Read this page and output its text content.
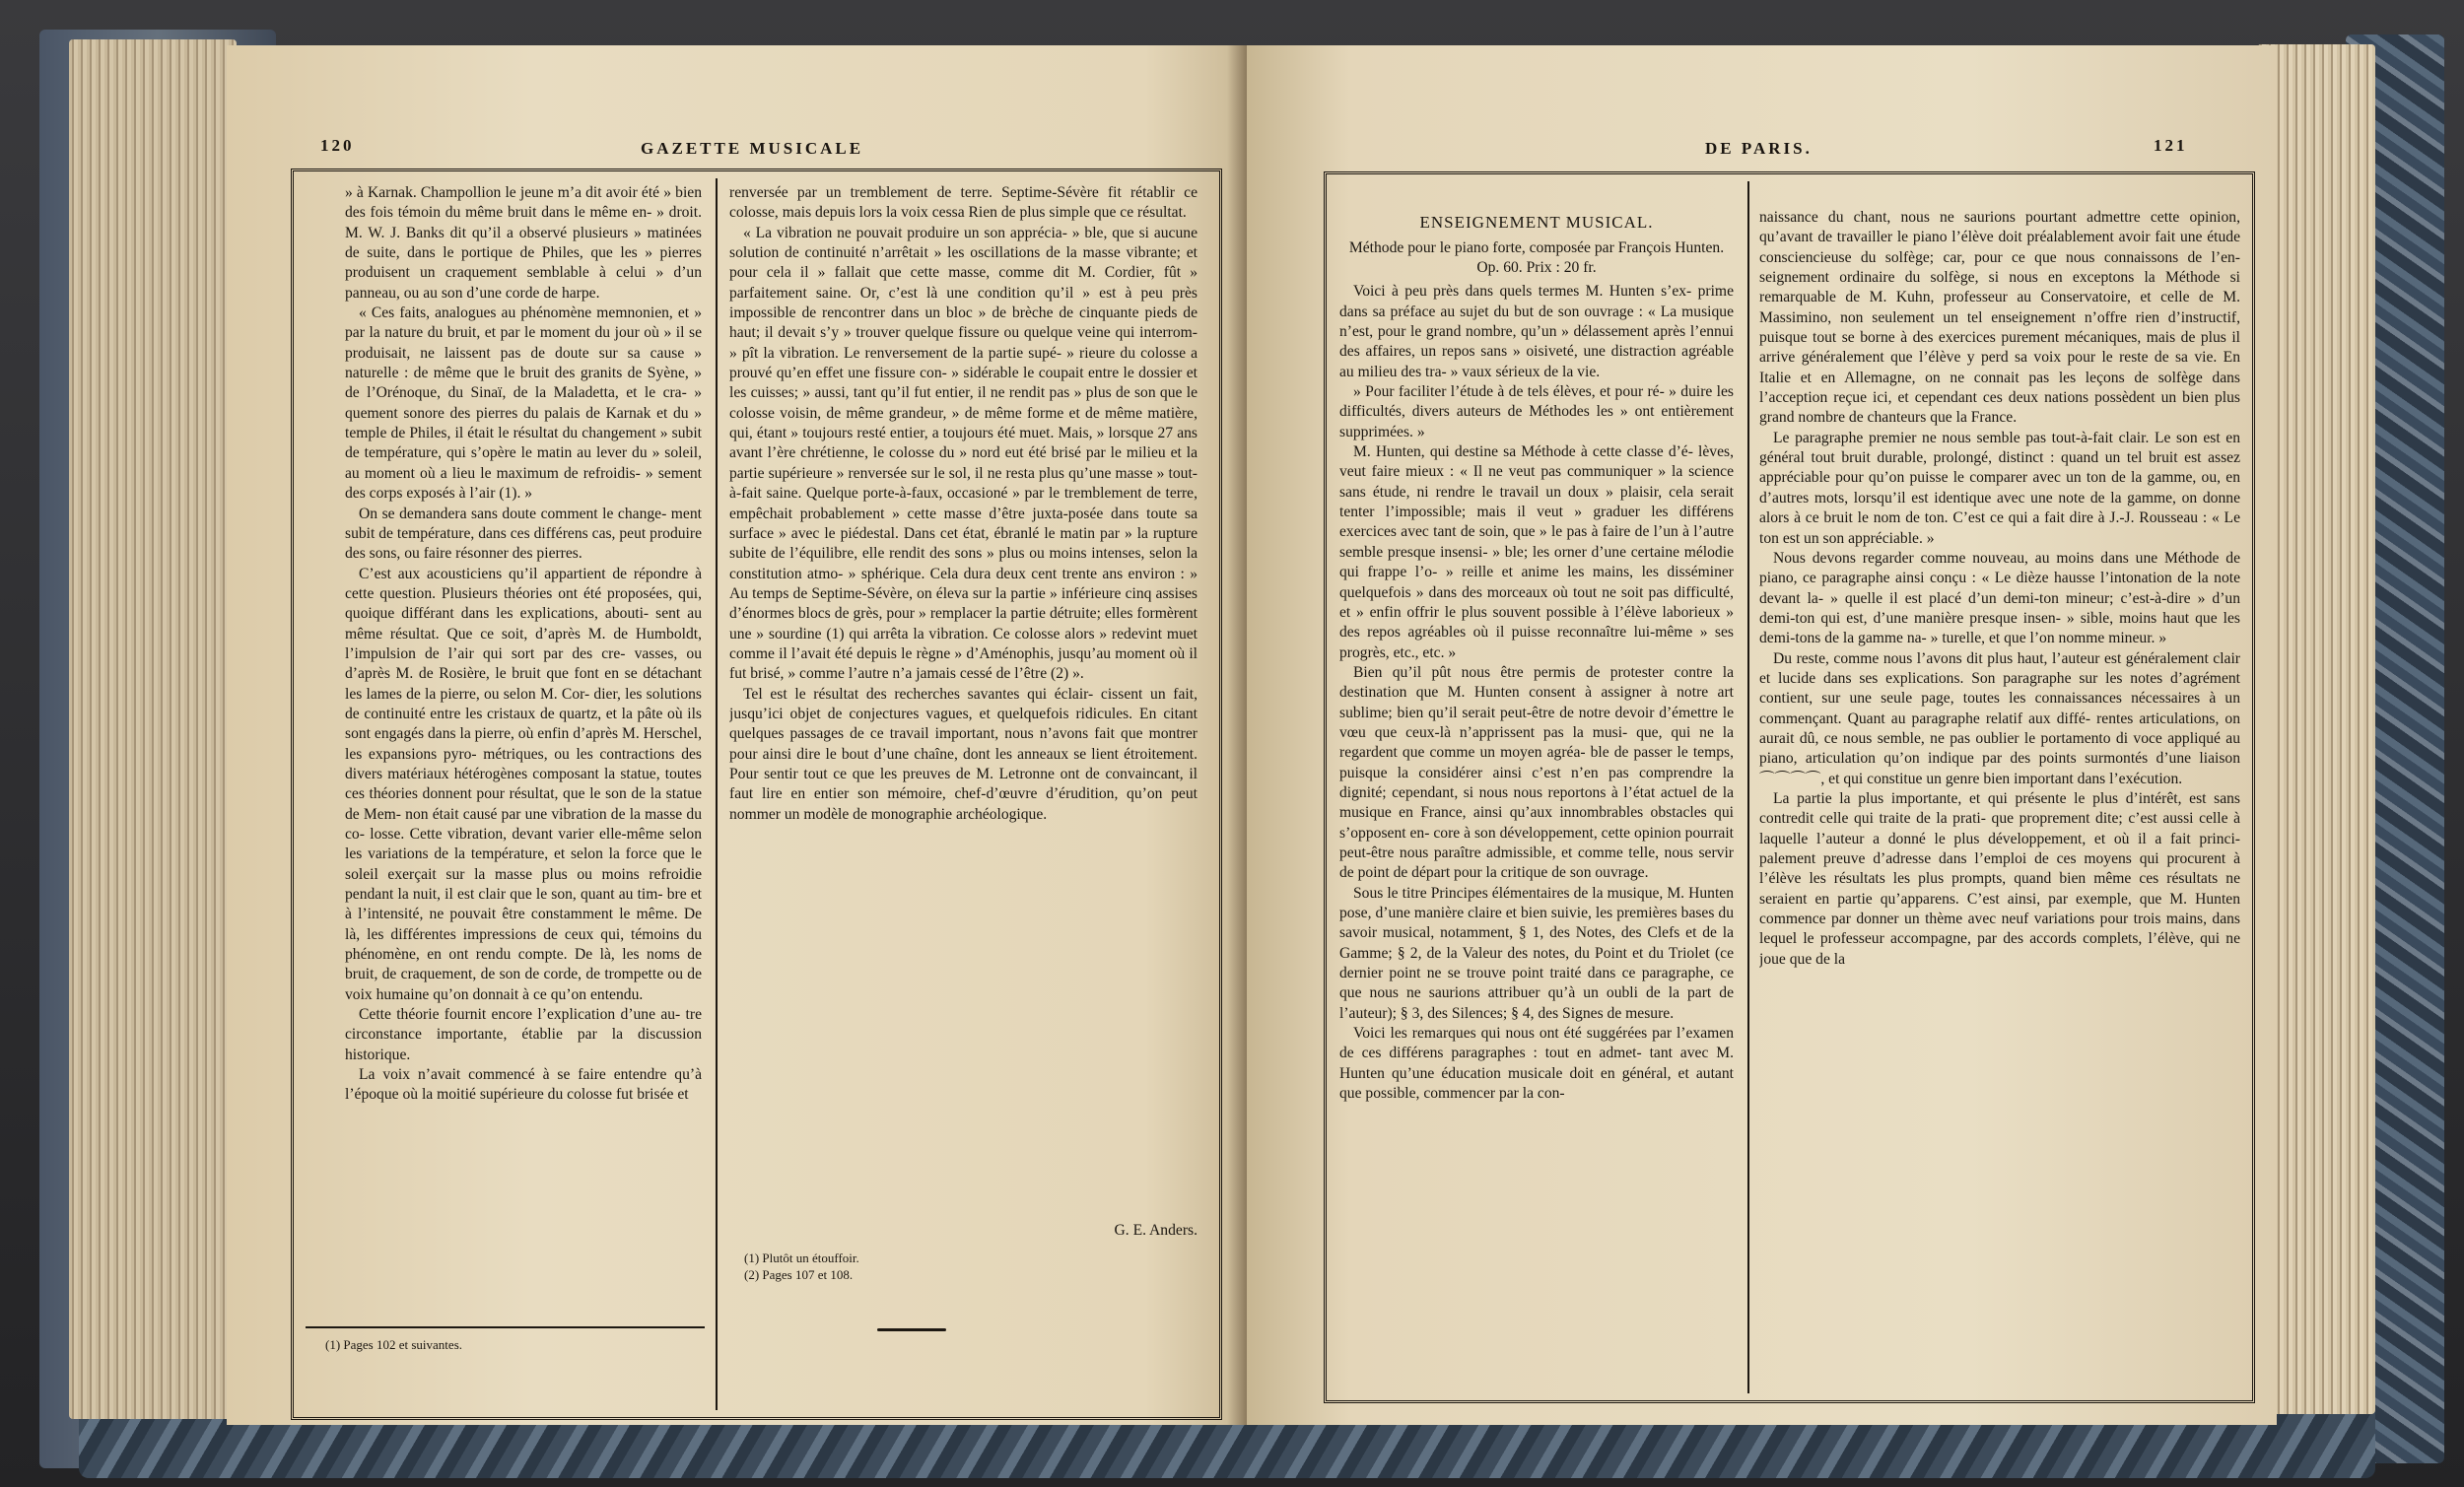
120	GAZETTE MUSICALE

» à Karnak. Champollion le jeune m’a dit avoir été » bien des fois témoin du même bruit dans le même en- » droit. M. W. J. Banks dit qu’il a observé plusieurs » matinées de suite, dans le portique de Philes, que les » pierres produisent un craquement semblable à celui » d’un panneau, ou au son d’une corde de harpe.

« Ces faits, analogues au phénomène memnonien, et » par la nature du bruit, et par le moment du jour où » il se produisait, ne laissent pas de doute sur sa cause » naturelle : de même que le bruit des granits de Syène, » de l’Orénoque, du Sinaï, de la Maladetta, et le cra- » quement sonore des pierres du palais de Karnak et du » temple de Philes, il était le résultat du changement » subit de température, qui s’opère le matin au lever du » soleil, au moment où a lieu le maximum de refroidis- » sement des corps exposés à l’air (1). »

On se demandera sans doute comment le change- ment subit de température, dans ces différens cas, peut produire des sons, ou faire résonner des pierres.

C’est aux acousticiens qu’il appartient de répondre à cette question. Plusieurs théories ont été proposées, qui, quoique différant dans les explications, abouti- sent au même résultat. Que ce soit, d’après M. de Humboldt, l’impulsion de l’air qui sort par des cre- vasses, ou d’après M. de Rosière, le bruit que font en se détachant les lames de la pierre, ou selon M. Cor- dier, les solutions de continuité entre les cristaux de quartz, et la pâte où ils sont engagés dans la pierre, où enfin d’après M. Herschel, les expansions pyro- métriques, ou les contractions des divers matériaux hétérogènes composant la statue, toutes ces théories donnent pour résultat, que le son de la statue de Mem- non était causé par une vibration de la masse du co- losse. Cette vibration, devant varier elle-même selon les variations de la température, et selon la force que le soleil exerçait sur la masse plus ou moins refroidie pendant la nuit, il est clair que le son, quant au tim- bre et à l’intensité, ne pouvait être constamment le même. De là, les différentes impressions de ceux qui, témoins du phénomène, en ont rendu compte. De là, les noms de bruit, de craquement, de son de corde, de trompette ou de voix humaine qu’on donnait à ce qu’on entendu.

Cette théorie fournit encore l’explication d’une au- tre circonstance importante, établie par la discussion historique.

La voix n’avait commencé à se faire entendre qu’à l’époque où la moitié supérieure du colosse fut brisée et

(1) Pages 102 et suivantes.

renversée par un tremblement de terre. Septime-Sévère fit rétablir ce colosse, mais depuis lors la voix cessa Rien de plus simple que ce résultat.

« La vibration ne pouvait produire un son apprécia- » ble, que si aucune solution de continuité n’arrêtait » les oscillations de la masse vibrante; et pour cela il » fallait que cette masse, comme dit M. Cordier, fût » parfaitement saine. Or, c’est là une condition qu’il » est à peu près impossible de rencontrer dans un bloc » de brèche de cinquante pieds de haut; il devait s’y » trouver quelque fissure ou quelque veine qui interrom- » pît la vibration. Le renversement de la partie supé- » rieure du colosse a prouvé qu’en effet une fissure con- » sidérable le coupait entre le dossier et les cuisses; » aussi, tant qu’il fut entier, il ne rendit pas » plus de son que le colosse voisin, de même grandeur, » de même forme et de même matière, qui, étant » toujours resté entier, a toujours été muet. Mais, » lorsque 27 ans avant l’ère chrétienne, le colosse du » nord eut été brisé par le milieu et la partie supérieure » renversée sur le sol, il ne resta plus qu’une masse » tout-à-fait saine. Quelque porte-à-faux, occasioné » par le tremblement de terre, empêchait probablement » cette masse d’être juxta-posée dans toute sa surface » avec le piédestal. Dans cet état, ébranlé le matin par » la rupture subite de l’équilibre, elle rendit des sons » plus ou moins intenses, selon la constitution atmo- » sphérique. Cela dura deux cent trente ans environ : » Au temps de Septime-Sévère, on éleva sur la partie » inférieure cinq assises d’énormes blocs de grès, pour » remplacer la partie détruite; elles formèrent une » sourdine (1) qui arrêta la vibration. Ce colosse alors » redevint muet comme il l’avait été depuis le règne » d’Aménophis, jusqu’au moment où il fut brisé, » comme l’autre n’a jamais cessé de l’être (2) ».

Tel est le résultat des recherches savantes qui éclair- cissent un fait, jusqu’ici objet de conjectures vagues, et quelquefois ridicules. En citant quelques passages de ce travail important, nous n’avons fait que montrer pour ainsi dire le bout d’une chaîne, dont les anneaux se lient étroitement. Pour sentir tout ce que les preuves de M. Letronne ont de convaincant, il faut lire en entier son mémoire, chef-d’œuvre d’érudition, qu’on peut nommer un modèle de monographie archéologique.

G. E. Anders.
(1) Plutôt un étouffoir.
(2) Pages 107 et 108.
DE PARIS.	121
ENSEIGNEMENT MUSICAL.
Méthode pour le piano forte, composée par François Hunten. Op. 60. Prix : 20 fr.

Voici à peu près dans quels termes M. Hunten s’ex- prime dans sa préface au sujet du but de son ouvrage : « La musique n’est, pour le grand nombre, qu’un » délassement après l’ennui des affaires, un repos sans » oisiveté, une distraction agréable au milieu des tra- » vaux sérieux de la vie.

» Pour faciliter l’étude à de tels élèves, et pour ré- » duire les difficultés, divers auteurs de Méthodes les » ont entièrement supprimées. »

M. Hunten, qui destine sa Méthode à cette classe d’é- lèves, veut faire mieux : « Il ne veut pas communiquer » la science sans étude, ni rendre le travail un doux » plaisir, cela serait tenter l’impossible; mais il veut » graduer les différens exercices avec tant de soin, que » le pas à faire de l’un à l’autre semble presque insensi- » ble; les orner d’une certaine mélodie qui frappe l’o- » reille et anime les mains, les disséminer quelquefois » dans des morceaux où tout ne soit pas difficulté, et » enfin offrir le plus souvent possible à l’élève laborieux » des repos agréables où il puisse reconnaître lui-même » ses progrès, etc., etc. »

Bien qu’il pût nous être permis de protester contre la destination que M. Hunten consent à assigner à notre art sublime; bien qu’il serait peut-être de notre devoir d’émettre le vœu que ceux-là n’apprissent pas la musi- que, qui ne la regardent que comme un moyen agréa- ble de passer le temps, puisque la considérer ainsi c’est n’en pas comprendre la dignité; cependant, si nous nous reportons à l’état actuel de la musique en France, ainsi qu’aux innombrables obstacles qui s’opposent en- core à son développement, cette opinion pourrait peut-être nous paraître admissible, et comme telle, nous servir de point de départ pour la critique de son ouvrage.

Sous le titre Principes élémentaires de la musique, M. Hunten pose, d’une manière claire et bien suivie, les premières bases du savoir musical, notamment, § 1, des Notes, des Clefs et de la Gamme; § 2, de la Valeur des notes, du Point et du Triolet (ce dernier point ne se trouve point traité dans ce paragraphe, ce que nous ne saurions attribuer qu’à un oubli de la part de l’auteur); § 3, des Silences; § 4, des Signes de mesure.

Voici les remarques qui nous ont été suggérées par l’examen de ces différens paragraphes : tout en admet- tant avec M. Hunten qu’une éducation musicale doit en général, et autant que possible, commencer par la con-

naissance du chant, nous ne saurions pourtant admettre cette opinion, qu’avant de travailler le piano l’élève doit préalablement avoir fait une étude consciencieuse du solfège; car, pour ce que nous connaissons de l’en- seignement ordinaire du solfège, si nous en exceptons la Méthode si remarquable de M. Kuhn, professeur au Conservatoire, et celle de M. Massimino, non seulement un tel enseignement n’offre rien d’instructif, puisque tout se borne à des exercices purement mécaniques, mais de plus il arrive généralement que l’élève y perd sa voix pour le reste de sa vie. En Italie et en Allemagne, on ne connait pas les leçons de solfège dans l’acception reçue ici, et cependant ces deux nations possèdent un bien plus grand nombre de chanteurs que la France.

Le paragraphe premier ne nous semble pas tout-à-fait clair. Le son est en général tout bruit durable, prolongé, distinct : quand un tel bruit est assez appréciable pour qu’on puisse le comparer avec un ton de la gamme, ou, en d’autres mots, lorsqu’il est identique avec une note de la gamme, on donne alors à ce bruit le nom de ton. C’est ce qui a fait dire à J.-J. Rousseau : « Le ton est un son appréciable. »

Nous devons regarder comme nouveau, au moins dans une Méthode de piano, ce paragraphe ainsi conçu : « Le dièze hausse l’intonation de la note devant la- » quelle il est placé d’un demi-ton mineur; c’est-à-dire » d’un demi-ton qui est, d’une manière presque insen- » sible, moins haut que les demi-tons de la gamme na- » turelle, et que l’on nomme mineur. »

Du reste, comme nous l’avons dit plus haut, l’auteur est généralement clair et lucide dans ses explications. Son paragraphe sur les notes d’agrément contient, sur une seule page, toutes les connaissances nécessaires à un commençant. Quant au paragraphe relatif aux diffé- rentes articulations, on aurait dû, ce nous semble, ne pas oublier le portamento di voce appliqué au piano, articulation qu’on indique par des points surmontés d’une liaison ⌒⌒⌒⌒, et qui constitue un genre bien important dans l’exécution.

La partie la plus importante, et qui présente le plus d’intérêt, est sans contredit celle qui traite de la prati- que proprement dite; c’est aussi celle à laquelle l’auteur a donné le plus développement, et où il a fait princi- palement preuve d’adresse dans l’emploi de ces moyens qui procurent à l’élève les résultats les plus prompts, quand bien même ces résultats ne seraient en partie qu’apparens. C’est ainsi, par exemple, que M. Hunten commence par donner un thème avec neuf variations pour trois mains, dans lequel le professeur accompagne, par des accords complets, l’élève, qui ne joue que de la
